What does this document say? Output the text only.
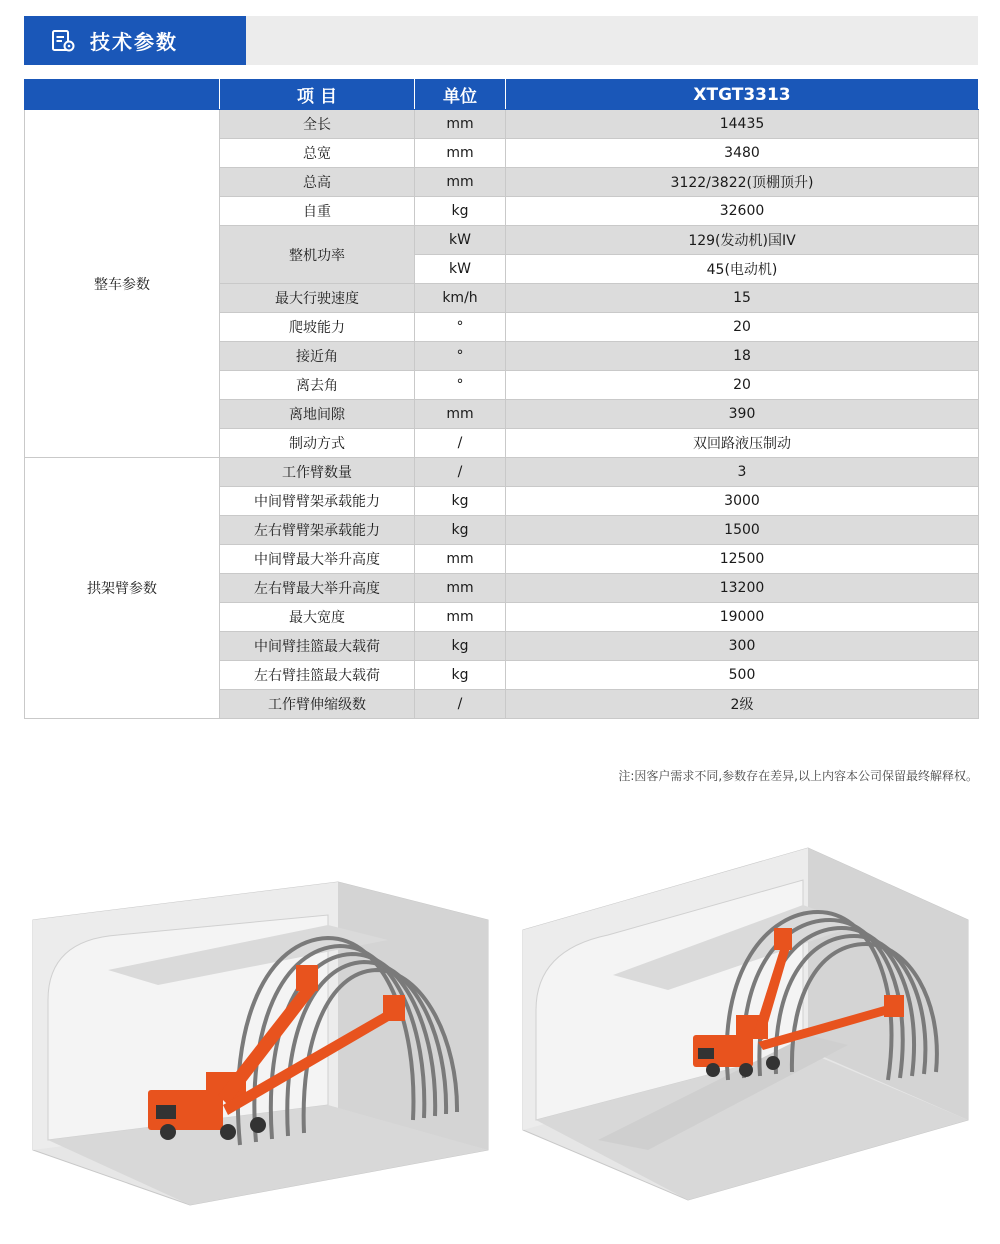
技术参数
	项 目	单位	XTGT3313
整车参数	全长	mm	14435
	总宽	mm	3480
	总高	mm	3122/3822(顶棚顶升)
	自重	kg	32600
	整机功率	kW	129(发动机)国IV
		kW	45(电动机)
	最大行驶速度	km/h	15
	爬坡能力	°	20
	接近角	°	18
	离去角	°	20
	离地间隙	mm	390
	制动方式	/	双回路液压制动
拱架臂参数	工作臂数量	/	3
	中间臂臂架承载能力	kg	3000
	左右臂臂架承载能力	kg	1500
	中间臂最大举升高度	mm	12500
	左右臂最大举升高度	mm	13200
	最大宽度	mm	19000
	中间臂挂篮最大载荷	kg	300
	左右臂挂篮最大载荷	kg	500
	工作臂伸缩级数	/	2级
注:因客户需求不同,参数存在差异,以上内容本公司保留最终解释权。
